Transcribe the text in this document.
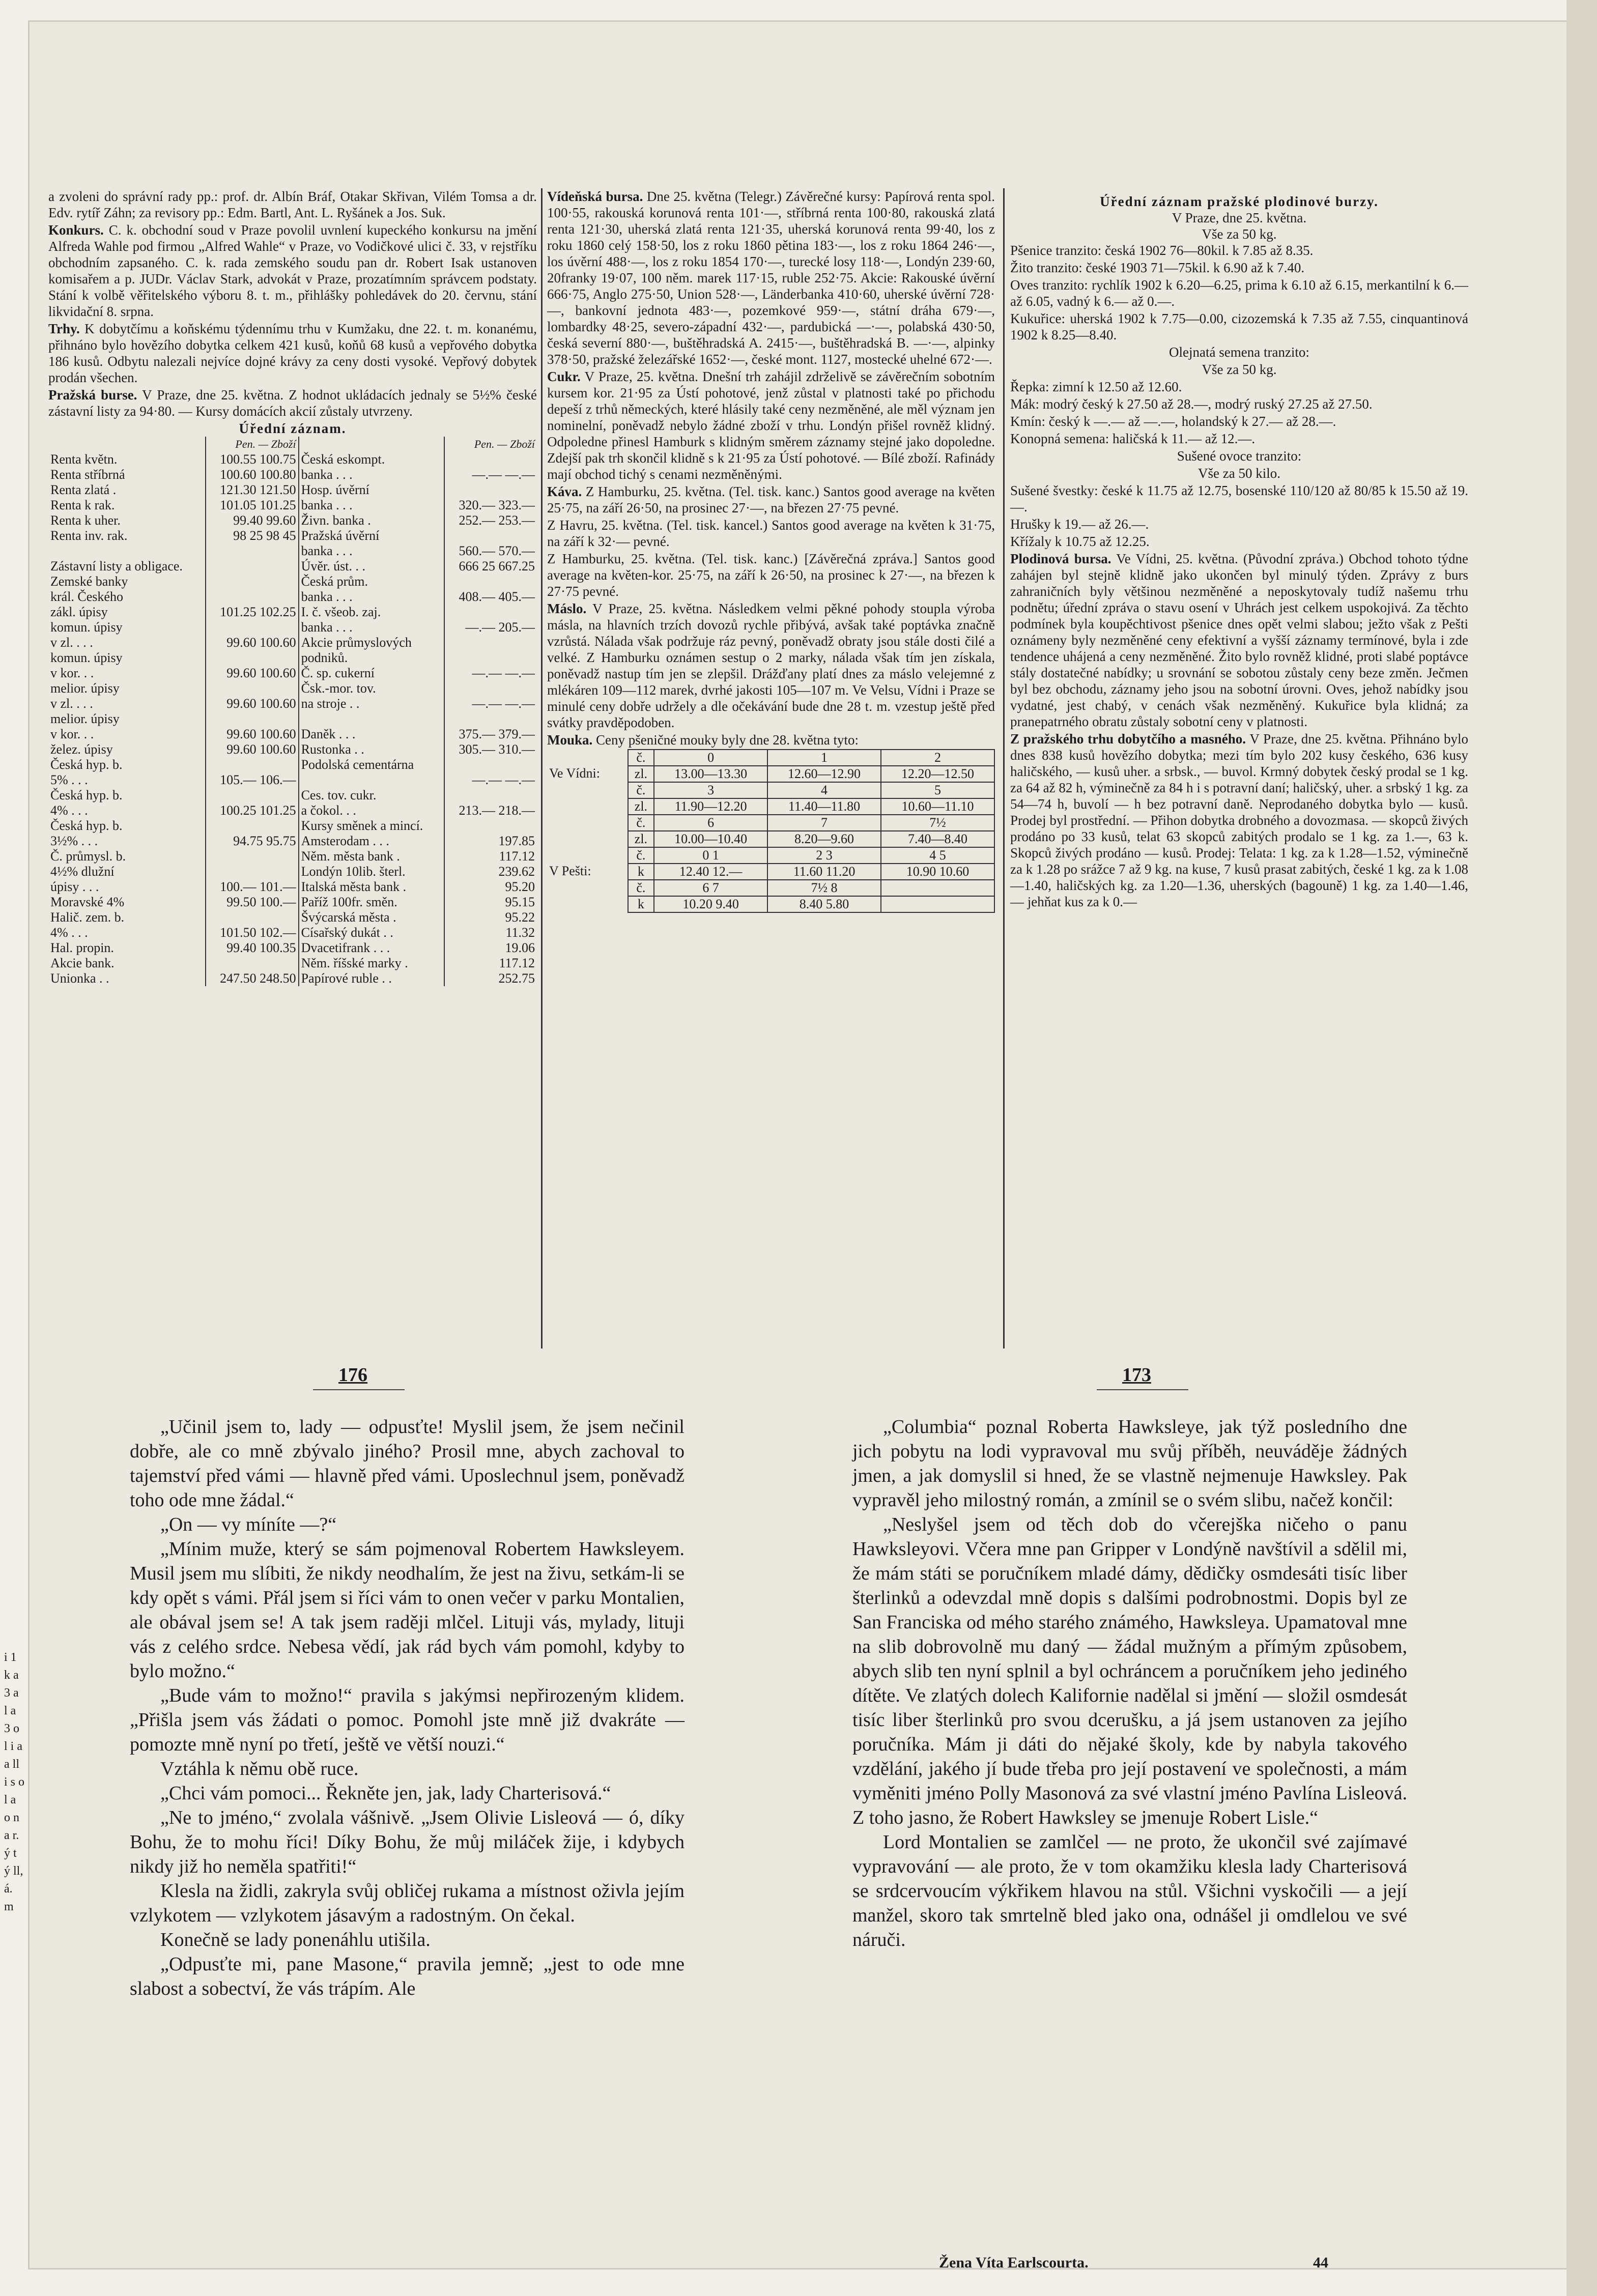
a zvoleni do správní rady pp.: prof. dr. Albín Bráf, Otakar Skřivan, Vilém Tomsa a dr. Edv. rytíř Záhn; za revisory pp.: Edm. Bartl, Ant. L. Ryšánek a Jos. Suk.

Konkurs. C. k. obchodní soud v Praze povolil uvnlení kupeckého konkursu na jmění Alfreda Wahle pod firmou „Alfred Wahle“ v Praze, vo Vodičkové ulici č. 33, v rejstříku obchodním zapsaného. C. k. rada zemského soudu pan dr. Robert Isak ustanoven komisařem a p. JUDr. Václav Stark, advokát v Praze, prozatímním správcem podstaty. Stání k volbě věřitelského výboru 8. t. m., přihlášky pohledávek do 20. červnu, stání likvidační 8. srpna.

Trhy. K dobytčímu a koňskému týdennímu trhu v Kumžaku, dne 22. t. m. konanému, přihnáno bylo hovězího dobytka celkem 421 kusů, koňů 68 kusů a vepřového dobytka 186 kusů. Odbytu nalezali nejvíce dojné krávy za ceny dosti vysoké. Vepřový dobytek prodán všechen.

Pražská burse. V Praze, dne 25. května. Z hodnot ukládacích jednaly se 5½% české zástavní listy za 94·80. — Kursy domácích akcií zůstaly utvrzeny.

Úřední záznam.
	Pen. — Zboží		Pen. — Zboží
Renta květn.	100.55 100.75	Česká eskompt.	
Renta stříbrná	100.60 100.80	banka . . .	—.— —.—
Renta zlatá .	121.30 121.50	Hosp. úvěrní	
Renta k rak.	101.05 101.25	banka . . .	320.— 323.—
Renta k uher.	99.40 99.60	Živn. banka .	252.— 253.—
Renta inv. rak.	98 25 98 45	Pražská úvěrní	
		banka . . .	560.— 570.—
Zástavní listy a obligace.		Úvěr. úst. . .	666 25 667.25
Zemské banky		Česká prům.	
král. Českého		banka . . .	408.— 405.—
zákl. úpisy	101.25 102.25	I. č. všeob. zaj.	
komun. úpisy		banka . . .	—.— 205.—
v zl. . . .	99.60 100.60	Akcie průmyslových	
komun. úpisy		podniků.	
v kor. . .	99.60 100.60	Č. sp. cukerní	—.— —.—
melior. úpisy		Čsk.-mor. tov.	
v zl. . . .	99.60 100.60	na stroje . .	—.— —.—
melior. úpisy			
v kor. . .	99.60 100.60	Daněk . . .	375.— 379.—
želez. úpisy	99.60 100.60	Rustonka . .	305.— 310.—
Česká hyp. b.		Podolská cementárna	
5% . . .	105.— 106.—		—.— —.—
Česká hyp. b.		Ces. tov. cukr.	
4% . . .	100.25 101.25	a čokol. . .	213.— 218.—
Česká hyp. b.		Kursy směnek a mincí.	
3½% . . .	94.75 95.75	Amsterodam . . .	197.85
Č. průmysl. b.		Něm. města bank .	117.12
4½% dlužní		Londýn 10lib. šterl.	239.62
úpisy . . .	100.— 101.—	Italská města bank .	95.20
Moravské 4%	99.50 100.—	Paříž 100fr. směn.	95.15
Halič. zem. b.		Švýcarská města .	95.22
4% . . .	101.50 102.—	Císařský dukát . .	11.32
Hal. propin.	99.40 100.35	Dvacetifrank . . .	19.06
Akcie bank.		Něm. říšské marky .	117.12
Unionka . .	247.50 248.50	Papírové ruble . .	252.75

Vídeňská bursa. Dne 25. května (Telegr.) Závěrečné kursy: Papírová renta spol. 100·55, rakouská korunová renta 101·—, stříbrná renta 100·80, rakouská zlatá renta 121·30, uherská zlatá renta 121·35, uherská korunová renta 99·40, los z roku 1860 celý 158·50, los z roku 1860 pětina 183·—, los z roku 1864 246·—, los úvěrní 488·—, los z roku 1854 170·—, turecké losy 118·—, Londýn 239·60, 20franky 19·07, 100 něm. marek 117·15, ruble 252·75. Akcie: Rakouské úvěrní 666·75, Anglo 275·50, Union 528·—, Länderbanka 410·60, uherské úvěrní 728·—, bankovní jednota 483·—, pozemkové 959·—, státní dráha 679·—, lombardky 48·25, severo-západní 432·—, pardubická —·—, polabská 430·50, česká severní 880·—, buštěhradská A. 2415·—, buštěhradská B. —·—, alpinky 378·50, pražské železářské 1652·—, české mont. 1127, mostecké uhelné 672·—.

Cukr. V Praze, 25. května. Dnešní trh zahájil zdrželivě se závěrečním sobotním kursem kor. 21·95 za Ústí pohotové, jenž zůstal v platnosti také po přichodu depeší z trhů německých, které hlásily také ceny nezměněné, ale měl význam jen nominelní, poněvadž nebylo žádné zboží v trhu. Londýn přišel rovněž klidný. Odpoledne přinesl Hamburk s klidným směrem záznamy stejné jako dopoledne. Zdejší pak trh skončil klidně s k 21·95 za Ústí pohotové. — Bílé zboží. Rafinády mají obchod tichý s cenami nezměněnými.

Káva. Z Hamburku, 25. května. (Tel. tisk. kanc.) Santos good average na květen 25·75, na září 26·50, na prosinec 27·—, na březen 27·75 pevné.

Z Havru, 25. května. (Tel. tisk. kancel.) Santos good average na květen k 31·75, na září k 32·— pevné.

Z Hamburku, 25. května. (Tel. tisk. kanc.) [Závěrečná zpráva.] Santos good average na květen-kor. 25·75, na září k 26·50, na prosinec k 27·—, na březen k 27·75 pevné.

Máslo. V Praze, 25. května. Následkem velmi pěkné pohody stoupla výroba másla, na hlavních trzích dovozů rychle přibývá, avšak také poptávka značně vzrůstá. Nálada však podržuje ráz pevný, poněvadž obraty jsou stále dosti čilé a velké. Z Hamburku oznámen sestup o 2 marky, nálada však tím jen získala, poněvadž nastup tím jen se zlepšil. Drážďany platí dnes za máslo velejemné z mlékáren 109—112 marek, dvrhé jakosti 105—107 m. Ve Velsu, Vídni i Praze se minulé ceny dobře udržely a dle očekávání bude dne 28 t. m. vzestup ještě před svátky pravděpodoben.

Mouka. Ceny pšeničné mouky byly dne 28. května tyto:

	č.	0	1	2
Ve Vídni:	zl.	13.00—13.30	12.60—12.90	12.20—12.50
	č.	3	4	5
	zl.	11.90—12.20	11.40—11.80	10.60—11.10
	č.	6	7	7½
	zl.	10.00—10.40	8.20—9.60	7.40—8.40
	č.	0 1	2 3	4 5
V Pešti:	k	12.40 12.—	11.60 11.20	10.90 10.60
	č.	6 7	7½ 8	
	k	10.20 9.40	8.40 5.80	
Úřední záznam pražské plodinové burzy.
V Praze, dne 25. května.
Vše za 50 kg.

Pšenice tranzito: česká 1902 76—80kil. k 7.85 až 8.35.

Žito tranzito: české 1903 71—75kil. k 6.90 až k 7.40.

Oves tranzito: rychlík 1902 k 6.20—6.25, prima k 6.10 až 6.15, merkantilní k 6.— až 6.05, vadný k 6.— až 0.—.

Kukuřice: uherská 1902 k 7.75—0.00, cizozemská k 7.35 až 7.55, cinquantinová 1902 k 8.25—8.40.

Olejnatá semena tranzito:

Vše za 50 kg.

Řepka: zimní k 12.50 až 12.60.

Mák: modrý český k 27.50 až 28.—, modrý ruský 27.25 až 27.50.

Kmín: český k —.— až —.—, holandský k 27.— až 28.—.

Konopná semena: haličská k 11.— až 12.—.

Sušené ovoce tranzito:

Vše za 50 kilo.

Sušené švestky: české k 11.75 až 12.75, bosenské 110/120 až 80/85 k 15.50 až 19.—.

Hrušky k 19.— až 26.—.

Křížaly k 10.75 až 12.25.

Plodinová bursa. Ve Vídni, 25. května. (Původní zpráva.) Obchod tohoto týdne zahájen byl stejně klidně jako ukončen byl minulý týden. Zprávy z burs zahraničních byly většinou nezměněné a neposkytovaly tudíž našemu trhu podnětu; úřední zpráva o stavu osení v Uhrách jest celkem uspokojivá. Za těchto podmínek byla koupěchtivost pšenice dnes opět velmi slabou; ježto však z Pešti oznámeny byly nezměněné ceny efektivní a vyšší záznamy termínové, byla i zde tendence uhájená a ceny nezměněné. Žito bylo rovněž klidné, proti slabé poptávce stály dostatečné nabídky; u srovnání se sobotou zůstaly ceny beze změn. Ječmen byl bez obchodu, záznamy jeho jsou na sobotní úrovni. Oves, jehož nabídky jsou vydatné, jest chabý, v cenách však nezměněný. Kukuřice byla klidná; za pranepatrného obratu zůstaly sobotní ceny v platnosti.

Z pražského trhu dobytčího a masného. V Praze, dne 25. května. Přihnáno bylo dnes 838 kusů hovězího dobytka; mezi tím bylo 202 kusy českého, 636 kusy haličského, — kusů uher. a srbsk., — buvol. Krmný dobytek český prodal se 1 kg. za 64 až 82 h, výminečně za 84 h i s potravní daní; haličský, uher. a srbský 1 kg. za 54—74 h, buvolí — h bez potravní daně. Neprodaného dobytka bylo — kusů. Prodej byl prostřední. — Přihon dobytka drobného a dovozmasa. — skopců živých prodáno po 33 kusů, telat 63 skopců zabitých prodalo se 1 kg. za 1.—, 63 k. Skopců živých prodáno — kusů. Prodej: Telata: 1 kg. za k 1.28—1.52, výminečně za k 1.28 po srážce 7 až 9 kg. na kuse, 7 kusů prasat zabitých, české 1 kg. za k 1.08—1.40, haličských kg. za 1.20—1.36, uherských (bagouně) 1 kg. za 1.40—1.46, — jehňat kus za k 0.—

176	173

„Učinil jsem to, lady — odpusťte! Myslil jsem, že jsem nečinil dobře, ale co mně zbývalo jiného? Prosil mne, abych zachoval to tajemství před vámi — hlavně před vámi. Uposlechnul jsem, poněvadž toho ode mne žádal.“

„On — vy míníte —?“

„Mínim muže, který se sám pojmenoval Robertem Hawksleyem. Musil jsem mu slíbiti, že nikdy neodhalím, že jest na živu, setkám-li se kdy opět s vámi. Přál jsem si říci vám to onen večer v parku Montalien, ale obával jsem se! A tak jsem raději mlčel. Lituji vás, mylady, lituji vás z celého srdce. Nebesa vědí, jak rád bych vám pomohl, kdyby to bylo možno.“

„Bude vám to možno!“ pravila s jakýmsi nepřirozeným klidem. „Přišla jsem vás žádati o pomoc. Pomohl jste mně již dvakráte — pomozte mně nyní po třetí, ještě ve větší nouzi.“

Vztáhla k němu obě ruce.

„Chci vám pomoci... Řekněte jen, jak, lady Charterisová.“

„Ne to jméno,“ zvolala vášnivě. „Jsem Olivie Lisleová — ó, díky Bohu, že to mohu říci! Díky Bohu, že můj miláček žije, i kdybych nikdy již ho neměla spatřiti!“

Klesla na židli, zakryla svůj obličej rukama a místnost oživla jejím vzlykotem — vzlykotem jásavým a radostným. On čekal.

Konečně se lady ponenáhlu utišila.

„Odpusťte mi, pane Masone,“ pravila jemně; „jest to ode mne slabost a sobectví, že vás trápím. Ale

„Columbia“ poznal Roberta Hawksleye, jak týž posledního dne jich pobytu na lodi vypravoval mu svůj příběh, neuváděje žádných jmen, a jak domyslil si hned, že se vlastně nejmenuje Hawksley. Pak vypravěl jeho milostný román, a zmínil se o svém slibu, načež končil:

„Neslyšel jsem od těch dob do včerejška ničeho o panu Hawksleyovi. Včera mne pan Gripper v Londýně navštívil a sdělil mi, že mám státi se poručníkem mladé dámy, dědičky osmdesáti tisíc liber šterlinků a odevzdal mně dopis s dalšími podrobnostmi. Dopis byl ze San Franciska od mého starého známého, Hawksleya. Upamatoval mne na slib dobrovolně mu daný — žádal mužným a přímým způsobem, abych slib ten nyní splnil a byl ochráncem a poručníkem jeho jediného dítěte. Ve zlatých dolech Kalifornie nadělal si jmění — složil osmdesát tisíc liber šterlinků pro svou dcerušku, a já jsem ustanoven za jejího poručníka. Mám ji dáti do nějaké školy, kde by nabyla takového vzdělání, jakého jí bude třeba pro její postavení ve společnosti, a mám vyměniti jméno Polly Masonová za své vlastní jméno Pavlína Lisleová. Z toho jasno, že Robert Hawksley se jmenuje Robert Lisle.“

Lord Montalien se zamlčel — ne proto, že ukončil své zajímavé vypravování — ale proto, že v tom okamžiku klesla lady Charterisová se srdcervoucím výkřikem hlavou na stůl. Všichni vyskočili — a její manžel, skoro tak smrtelně bled jako ona, odnášel ji omdlelou ve své náruči.

Žena Víta Earlscourta.	44
i 1 k a 3 a l a 3 o l i a a ll i s o l a o n a r. ý t ý ll, á. m
